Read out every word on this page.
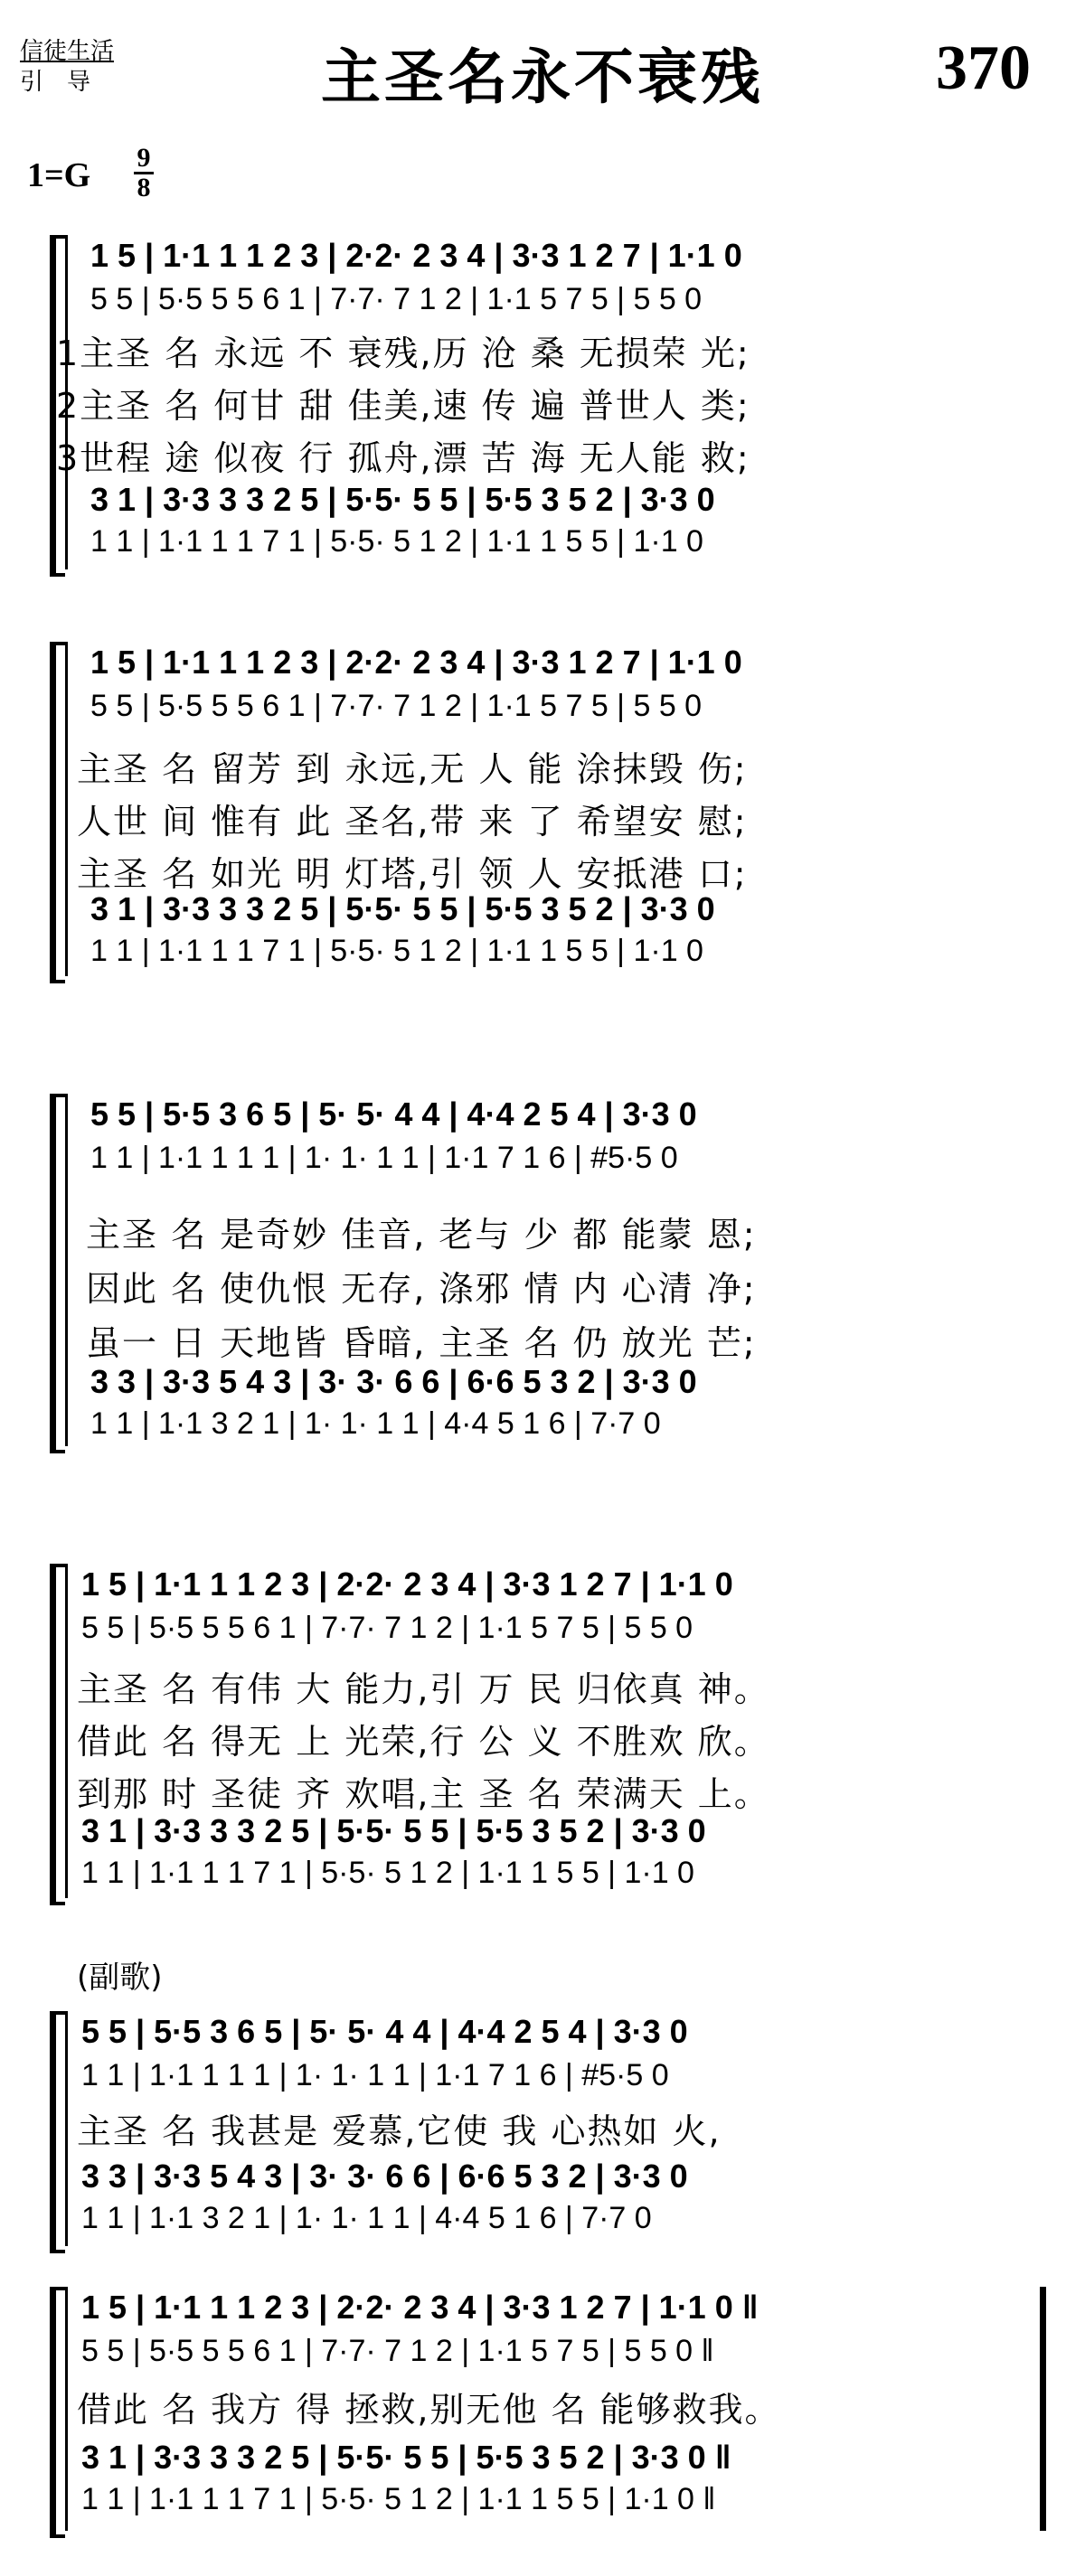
信徒生活
引　导	主圣名永不衰残	370
1=G 9
8
1 5 | 1·1 1 1 2 3 | 2·2· 2 3 4 | 3·3 1 2 7 | 1·1 0
5 5 | 5·5 5 5 6 1 | 7·7· 7 1 2 | 1·1 5 7 5 | 5 5 0
1主圣 名 永远 不 衰残,历 沧 桑 无损荣 光;
2主圣 名 何甘 甜 佳美,速 传 遍 普世人 类;
3世程 途 似夜 行 孤舟,漂 苦 海 无人能 救;
3 1 | 3·3 3 3 2 5 | 5·5· 5 5 | 5·5 3 5 2 | 3·3 0
1 1 | 1·1 1 1 7 1 | 5·5· 5 1 2 | 1·1 1 5 5 | 1·1 0
1 5 | 1·1 1 1 2 3 | 2·2· 2 3 4 | 3·3 1 2 7 | 1·1 0
5 5 | 5·5 5 5 6 1 | 7·7· 7 1 2 | 1·1 5 7 5 | 5 5 0
主圣 名 留芳 到 永远,无 人 能 涂抹毁 伤;
人世 间 惟有 此 圣名,带 来 了 希望安 慰;
主圣 名 如光 明 灯塔,引 领 人 安抵港 口;
3 1 | 3·3 3 3 2 5 | 5·5· 5 5 | 5·5 3 5 2 | 3·3 0
1 1 | 1·1 1 1 7 1 | 5·5· 5 1 2 | 1·1 1 5 5 | 1·1 0
5 5 | 5·5 3 6 5 | 5· 5· 4 4 | 4·4 2 5 4 | 3·3 0
1 1 | 1·1 1 1 1 | 1· 1· 1 1 | 1·1 7 1 6 | #5·5 0
主圣 名 是奇妙 佳音, 老与 少 都 能蒙 恩;
因此 名 使仇恨 无存, 涤邪 情 内 心清 净;
虽一 日 天地皆 昏暗, 主圣 名 仍 放光 芒;
3 3 | 3·3 5 4 3 | 3· 3· 6 6 | 6·6 5 3 2 | 3·3 0
1 1 | 1·1 3 2 1 | 1· 1· 1 1 | 4·4 5 1 6 | 7·7 0
1 5 | 1·1 1 1 2 3 | 2·2· 2 3 4 | 3·3 1 2 7 | 1·1 0
5 5 | 5·5 5 5 6 1 | 7·7· 7 1 2 | 1·1 5 7 5 | 5 5 0
主圣 名 有伟 大 能力,引 万 民 归依真 神。
借此 名 得无 上 光荣,行 公 义 不胜欢 欣。
到那 时 圣徒 齐 欢唱,主 圣 名 荣满天 上。
3 1 | 3·3 3 3 2 5 | 5·5· 5 5 | 5·5 3 5 2 | 3·3 0
1 1 | 1·1 1 1 7 1 | 5·5· 5 1 2 | 1·1 1 5 5 | 1·1 0
(副歌)
5 5 | 5·5 3 6 5 | 5· 5· 4 4 | 4·4 2 5 4 | 3·3 0
1 1 | 1·1 1 1 1 | 1· 1· 1 1 | 1·1 7 1 6 | #5·5 0
主圣 名 我甚是 爱慕,它使 我 心热如 火,
3 3 | 3·3 5 4 3 | 3· 3· 6 6 | 6·6 5 3 2 | 3·3 0
1 1 | 1·1 3 2 1 | 1· 1· 1 1 | 4·4 5 1 6 | 7·7 0
1 5 | 1·1 1 1 2 3 | 2·2· 2 3 4 | 3·3 1 2 7 | 1·1 0 ‖
5 5 | 5·5 5 5 6 1 | 7·7· 7 1 2 | 1·1 5 7 5 | 5 5 0 ‖
借此 名 我方 得 拯救,别无他 名 能够救我。
3 1 | 3·3 3 3 2 5 | 5·5· 5 5 | 5·5 3 5 2 | 3·3 0 ‖
1 1 | 1·1 1 1 7 1 | 5·5· 5 1 2 | 1·1 1 5 5 | 1·1 0 ‖
